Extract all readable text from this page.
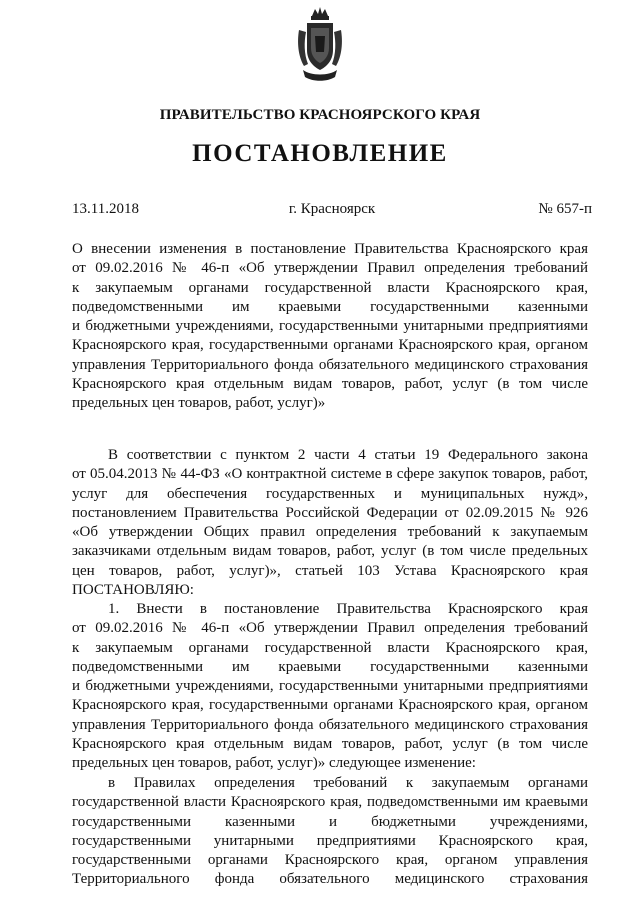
ПРАВИТЕЛЬСТВО КРАСНОЯРСКОГО КРАЯ
ПОСТАНОВЛЕНИЕ
13.11.2018	г. Красноярск	№ 657-п
О внесении изменения в постановление Правительства Красноярского края
от 09.02.2016 № 46-п «Об утверждении Правил определения требований
к закупаемым органами государственной власти Красноярского края,
подведомственными им краевыми государственными казенными
и бюджетными учреждениями, государственными унитарными предприятиями
Красноярского края, государственными органами Красноярского края, органом
управления Территориального фонда обязательного медицинского страхования
Красноярского края отдельным видам товаров, работ, услуг (в том числе
предельных цен товаров, работ, услуг)»
В соответствии с пунктом 2 части 4 статьи 19 Федерального закона
от 05.04.2013 № 44-ФЗ «О контрактной системе в сфере закупок товаров, работ,
услуг для обеспечения государственных и муниципальных нужд»,
постановлением Правительства Российской Федерации от 02.09.2015 № 926
«Об утверждении Общих правил определения требований к закупаемым
заказчиками отдельным видам товаров, работ, услуг (в том числе предельных
цен товаров, работ, услуг)», статьей 103 Устава Красноярского края
ПОСТАНОВЛЯЮ:
1. Внести в постановление Правительства Красноярского края
от 09.02.2016 № 46-п «Об утверждении Правил определения требований
к закупаемым органами государственной власти Красноярского края,
подведомственными им краевыми государственными казенными
и бюджетными учреждениями, государственными унитарными предприятиями
Красноярского края, государственными органами Красноярского края, органом
управления Территориального фонда обязательного медицинского страхования
Красноярского края отдельным видам товаров, работ, услуг (в том числе
предельных цен товаров, работ, услуг)» следующее изменение:
в Правилах определения требований к закупаемым органами
государственной власти Красноярского края, подведомственными им краевыми
государственными казенными и бюджетными учреждениями,
государственными унитарными предприятиями Красноярского края,
государственными органами Красноярского края, органом управления
Территориального фонда обязательного медицинского страхования
